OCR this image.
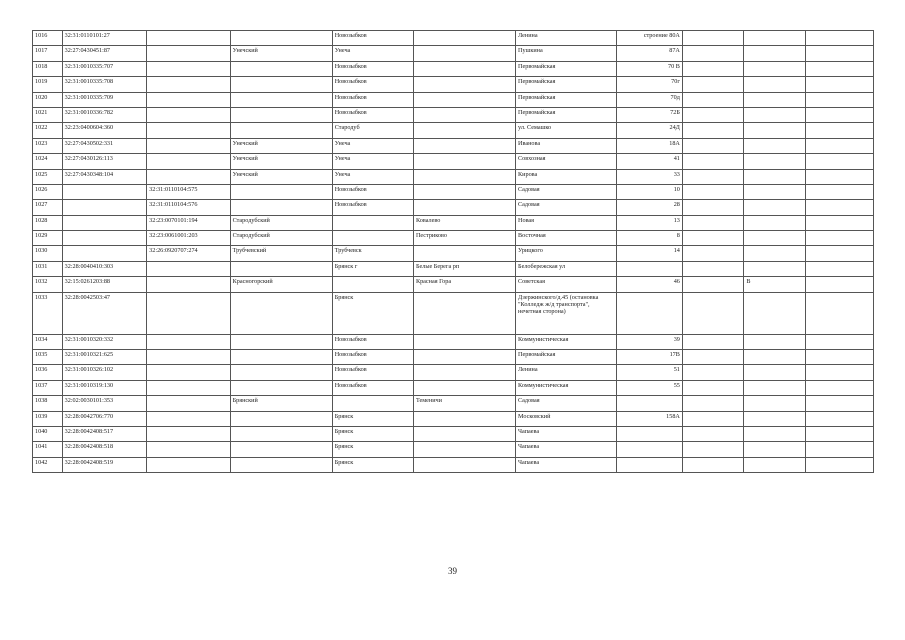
1016	32:31:0110101:27			Новозыбков		Ленина	строение 80А			
1017	32:27:0430451:87		Унечский	Унеча		Пушкина	87А			
1018	32:31:0010335:707			Новозыбков		Первомайская	70 В			
1019	32:31:0010335:708			Новозыбков		Первомайская	70г			
1020	32:31:0010335:709			Новозыбков		Первомайская	70д			
1021	32:31:0010336:782			Новозыбков		Первомайская	72Б			
1022	32:23:0400604:360			Стародуб		ул. Семашко	24Д			
1023	32:27:0430502:331		Унечский	Унеча		Иванова	18А			
1024	32:27:0430126:113		Унечский	Унеча		Совхозная	41			
1025	32:27:0430348:104		Унечский	Унеча		Кирова	33			
1026		32:31:0110104:575		Новозыбков		Садовая	10			
1027		32:31:0110104:576		Новозыбков		Садовая	28			
1028		32:23:0070101:194	Стародубский		Ковалево	Новая	13			
1029		32:23:0061001:203	Стародубский		Пестриково	Восточная	8			
1030		32:26:0920707:274	Трубчевский	Трубчевск		Урицкого	14			
1031	32:28:0040410:303			Брянск г	Белые Берега рп	Белобережская ул				
1032	32:15:0261203:88		Красногорский		Красная Гора	Советская	46		В	
1033	32:28:0042503:47			Брянск		Дзержинского/д.45 (остановка "Колледж ж/д транспорта", нечетная сторона)				
1034	32:31:0010320:332			Новозыбков		Коммунистическая	39			
1035	32:31:0010321:625			Новозыбков		Первомайская	17В			
1036	32:31:0010326:102			Новозыбков		Ленина	51			
1037	32:31:0010319:130			Новозыбков		Коммунистическая	55			
1038	32:02:0030101:353		Брянский		Теменичи	Садовая				
1039	32:28:0042706:770			Брянск		Московский	158А			
1040	32:28:0042408:517			Брянск		Чапаева				
1041	32:28:0042408:518			Брянск		Чапаева				
1042	32:28:0042408:519			Брянск		Чапаева				
39
